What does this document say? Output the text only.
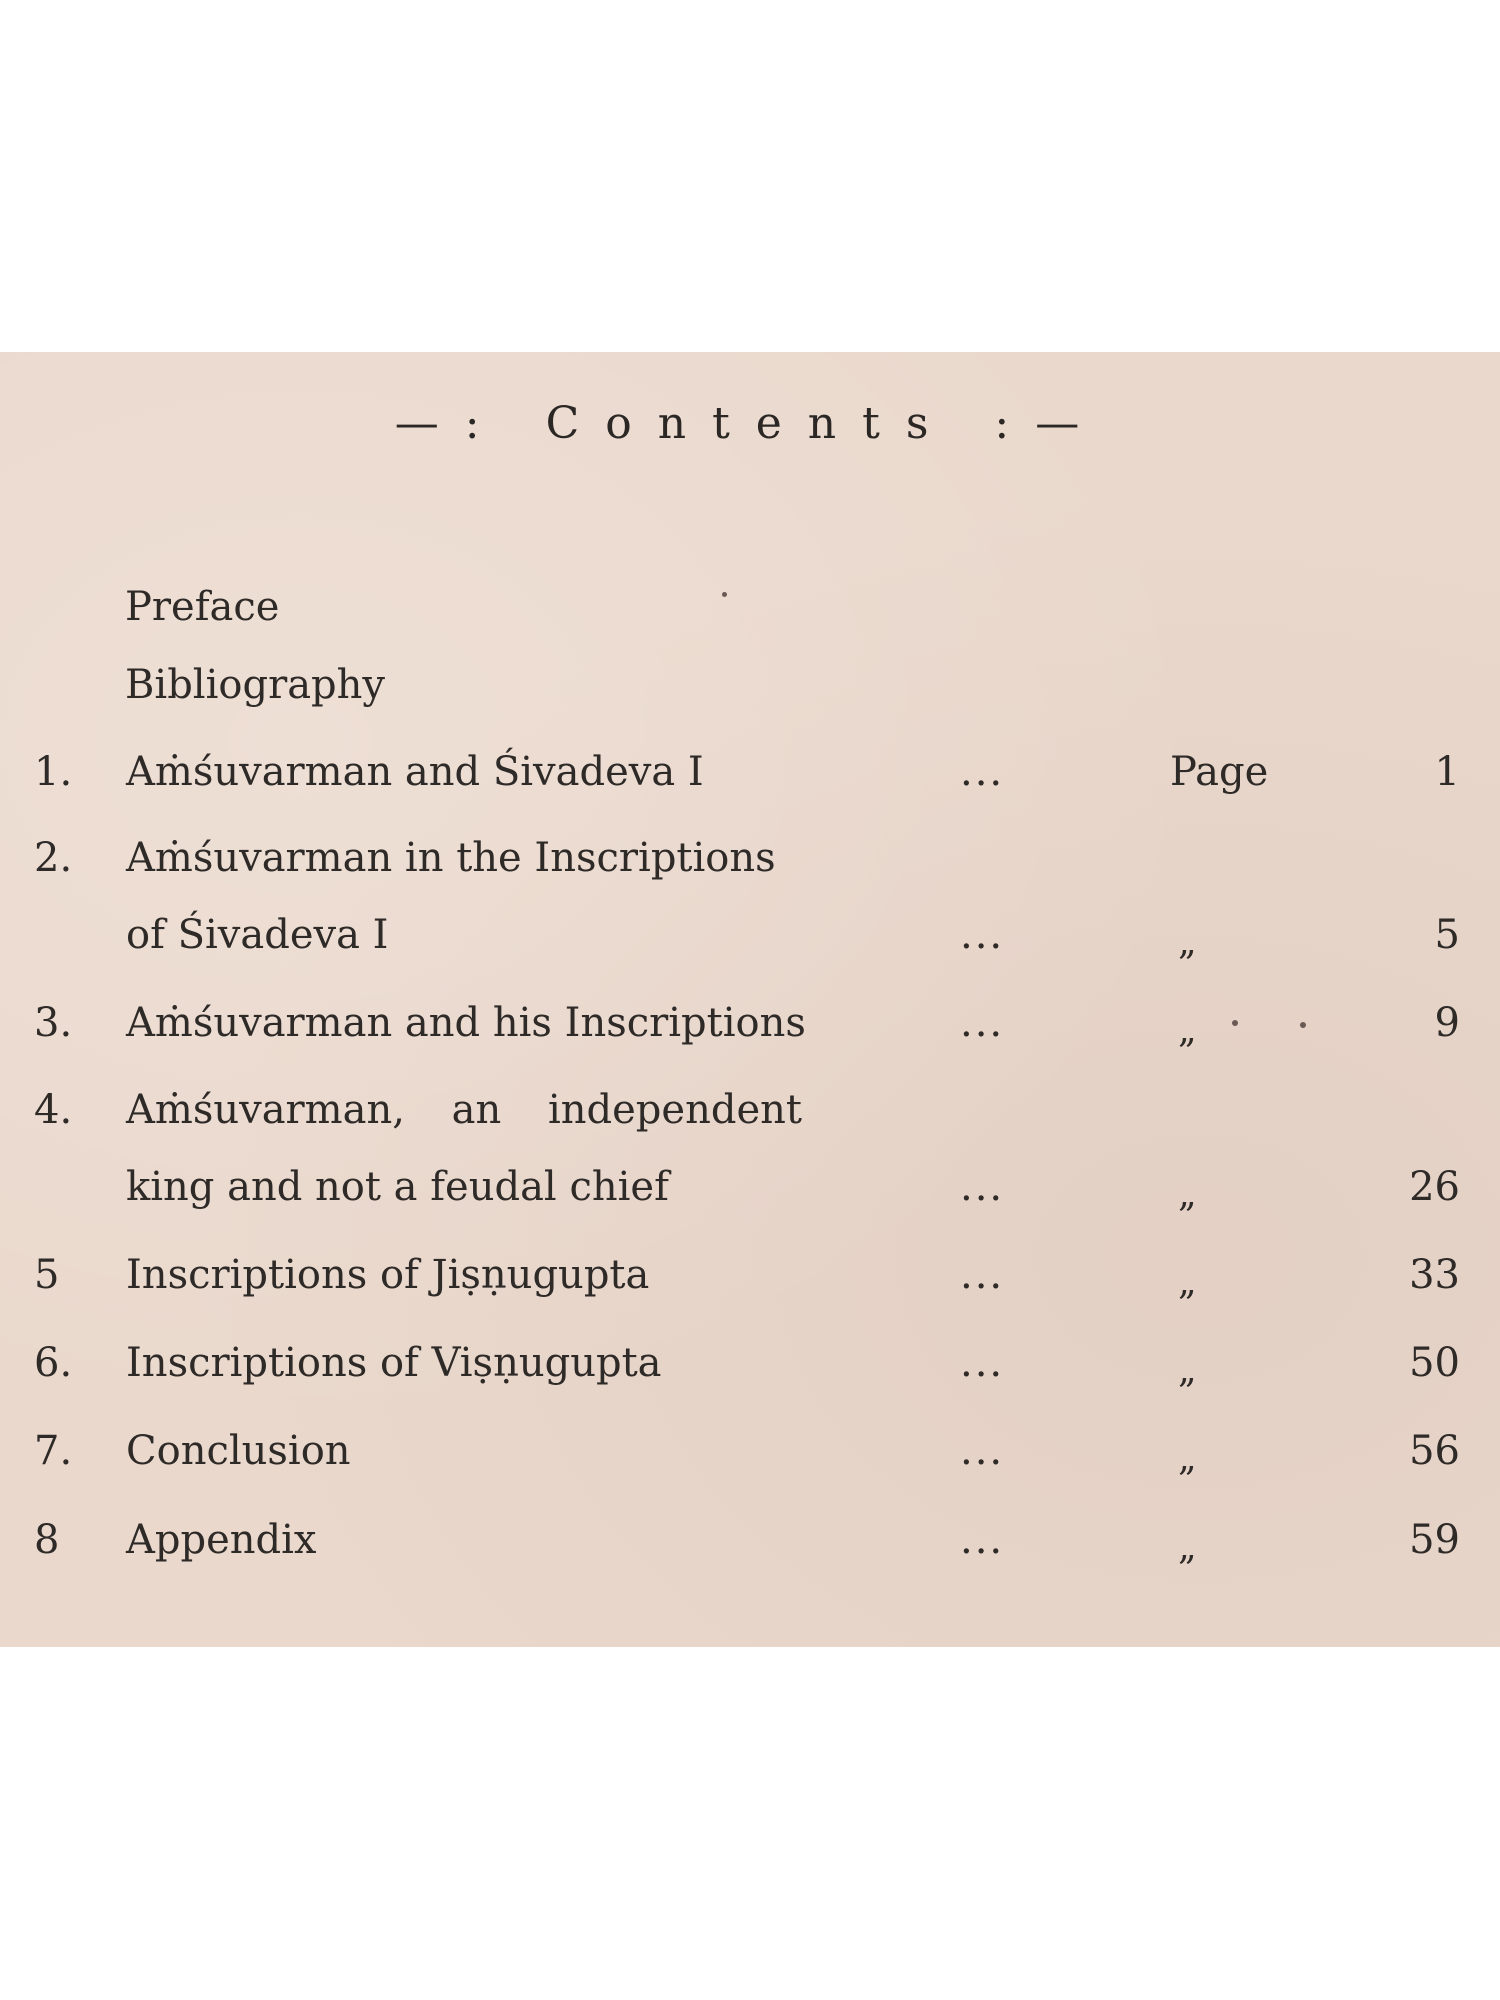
—: Contents :—
Preface
Bibliography
1. Aṁśuvarman and Śivadeva I	...	Page	1
2. Aṁśuvarman in the Inscriptions
of Śivadeva I	...	„	5
3. Aṁśuvarman and his Inscriptions	...	„	9
4. Aṁśuvarman, an independent
king and not a feudal chief	...	„	26
5 Inscriptions of Jiṣṇugupta	...	„	33
6. Inscriptions of Viṣṇugupta	...	„	50
7. Conclusion	...	„	56
8 Appendix	...	„	59
